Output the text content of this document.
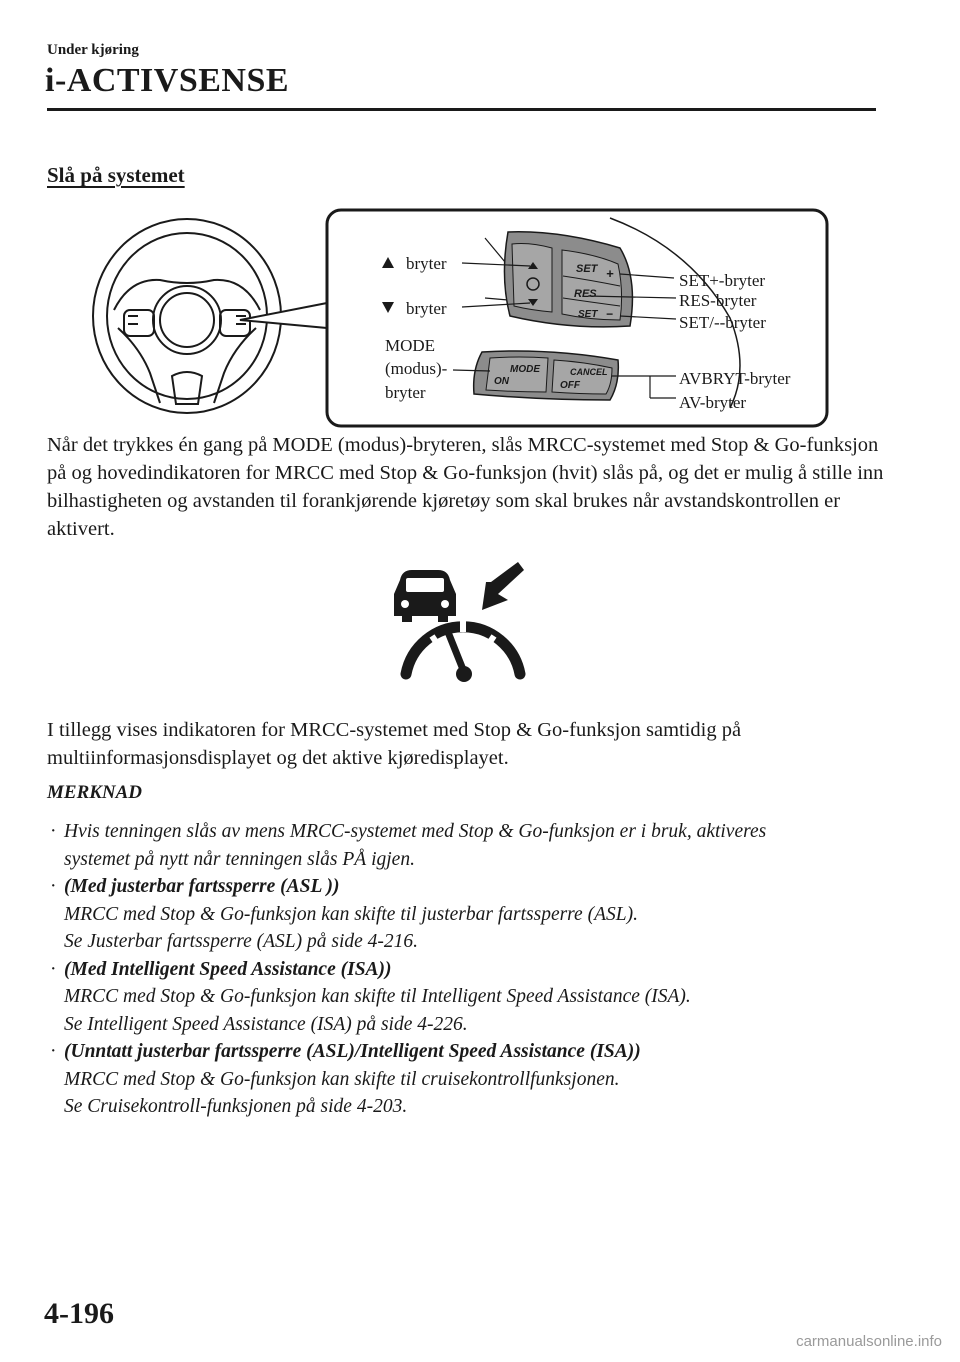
Under kjøring
i-ACTIVSENSE
Slå på systemet
SET +
RES
SET −
MODE
ON
CANCEL
OFF
bryter
bryter
MODE
(modus)-
bryter
SET+-bryter
RES-bryter
SET/--bryter
AVBRYT-bryter
AV-bryter
Når det trykkes én gang på MODE (modus)-bryteren, slås MRCC-systemet med Stop & Go-funksjon på og hovedindikatoren for MRCC med Stop & Go-funksjon (hvit) slås på, og det er mulig å stille inn bilhastigheten og avstanden til forankjørende kjøretøy som skal brukes når avstandskontrollen er aktivert.
I tillegg vises indikatoren for MRCC-systemet med Stop & Go-funksjon samtidig på multiinformasjonsdisplayet og det aktive kjøredisplayet.
MERKNAD
· Hvis tenningen slås av mens MRCC-systemet med Stop & Go-funksjon er i bruk, aktiveres
systemet på nytt når tenningen slås PÅ igjen.
· (Med justerbar fartssperre (ASL ))
MRCC med Stop & Go-funksjon kan skifte til justerbar fartssperre (ASL).
Se Justerbar fartssperre (ASL) på side 4-216.
· (Med Intelligent Speed Assistance (ISA))
MRCC med Stop & Go-funksjon kan skifte til Intelligent Speed Assistance (ISA).
Se Intelligent Speed Assistance (ISA) på side 4-226.
· (Unntatt justerbar fartssperre (ASL)/Intelligent Speed Assistance (ISA))
MRCC med Stop & Go-funksjon kan skifte til cruisekontrollfunksjonen.
Se Cruisekontroll-funksjonen på side 4-203.
4-196
carmanualsonline.info
